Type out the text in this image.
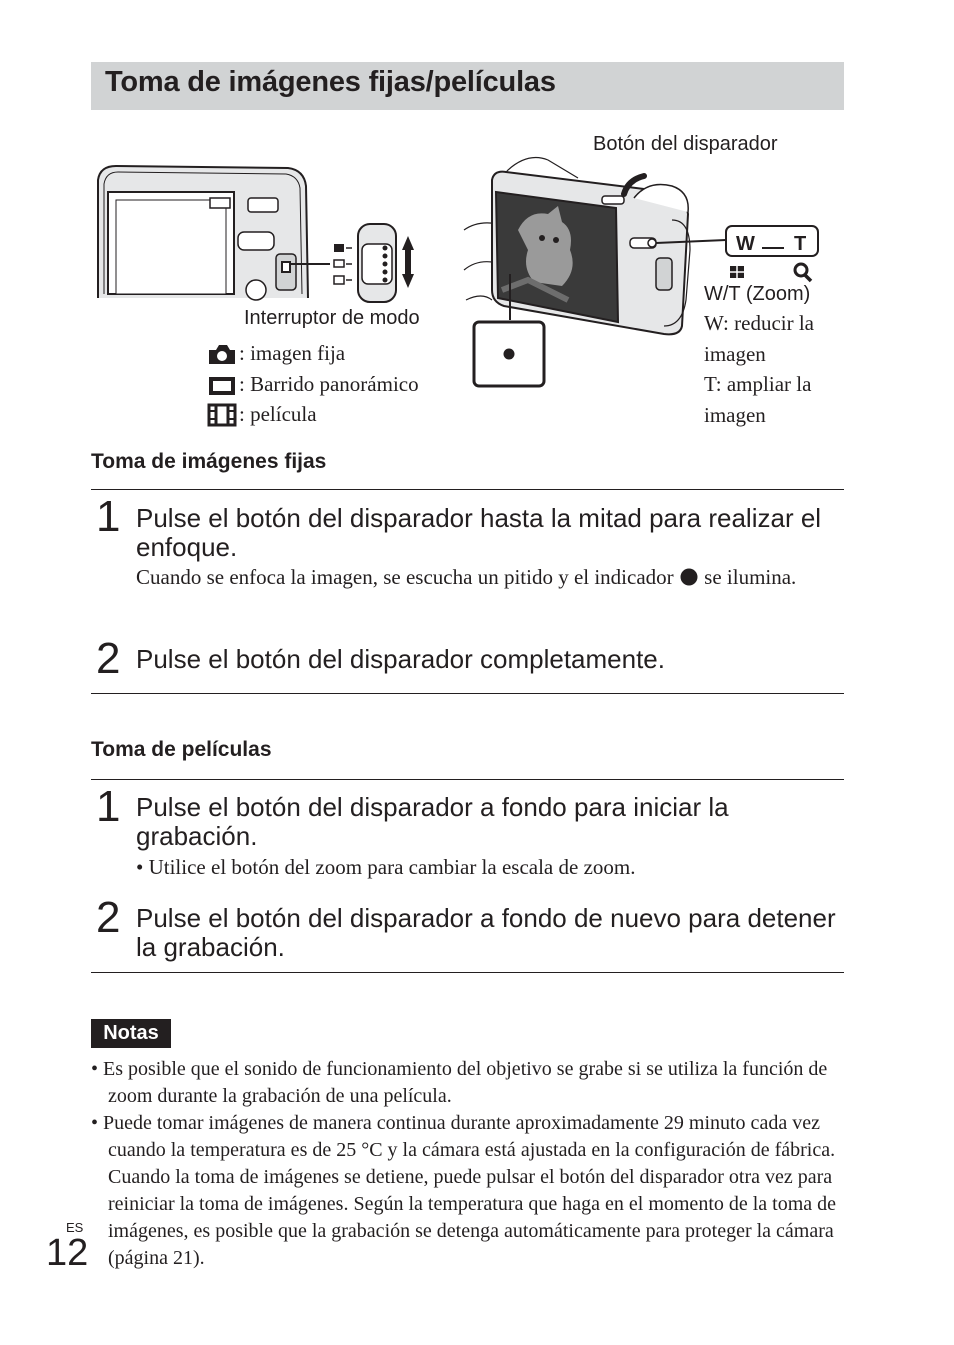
Toma de imágenes fijas/películas
Interruptor de modo
: imagen fija
: Barrido panorámico
: película
Botón del disparador
W T
W/T (Zoom)
W: reducir la
imagen
T: ampliar la
imagen
Toma de imágenes fijas
1 Pulse el botón del disparador hasta la mitad para realizar el enfoque.
Cuando se enfoca la imagen, se escucha un pitido y el indicador se ilumina.
2 Pulse el botón del disparador completamente.
Toma de películas
1 Pulse el botón del disparador a fondo para iniciar la grabación.
• Utilice el botón del zoom para cambiar la escala de zoom.
2 Pulse el botón del disparador a fondo de nuevo para detener la grabación.
Notas
• Es posible que el sonido de funcionamiento del objetivo se grabe si se utiliza la función de zoom durante la grabación de una película.
• Puede tomar imágenes de manera continua durante aproximadamente 29 minuto cada vez cuando la temperatura es de 25 °C y la cámara está ajustada en la configuración de fábrica. Cuando la toma de imágenes se detiene, puede pulsar el botón del disparador otra vez para reiniciar la toma de imágenes. Según la temperatura que haga en el momento de la toma de imágenes, es posible que la grabación se detenga automáticamente para proteger la cámara (página 21).
ES
12
